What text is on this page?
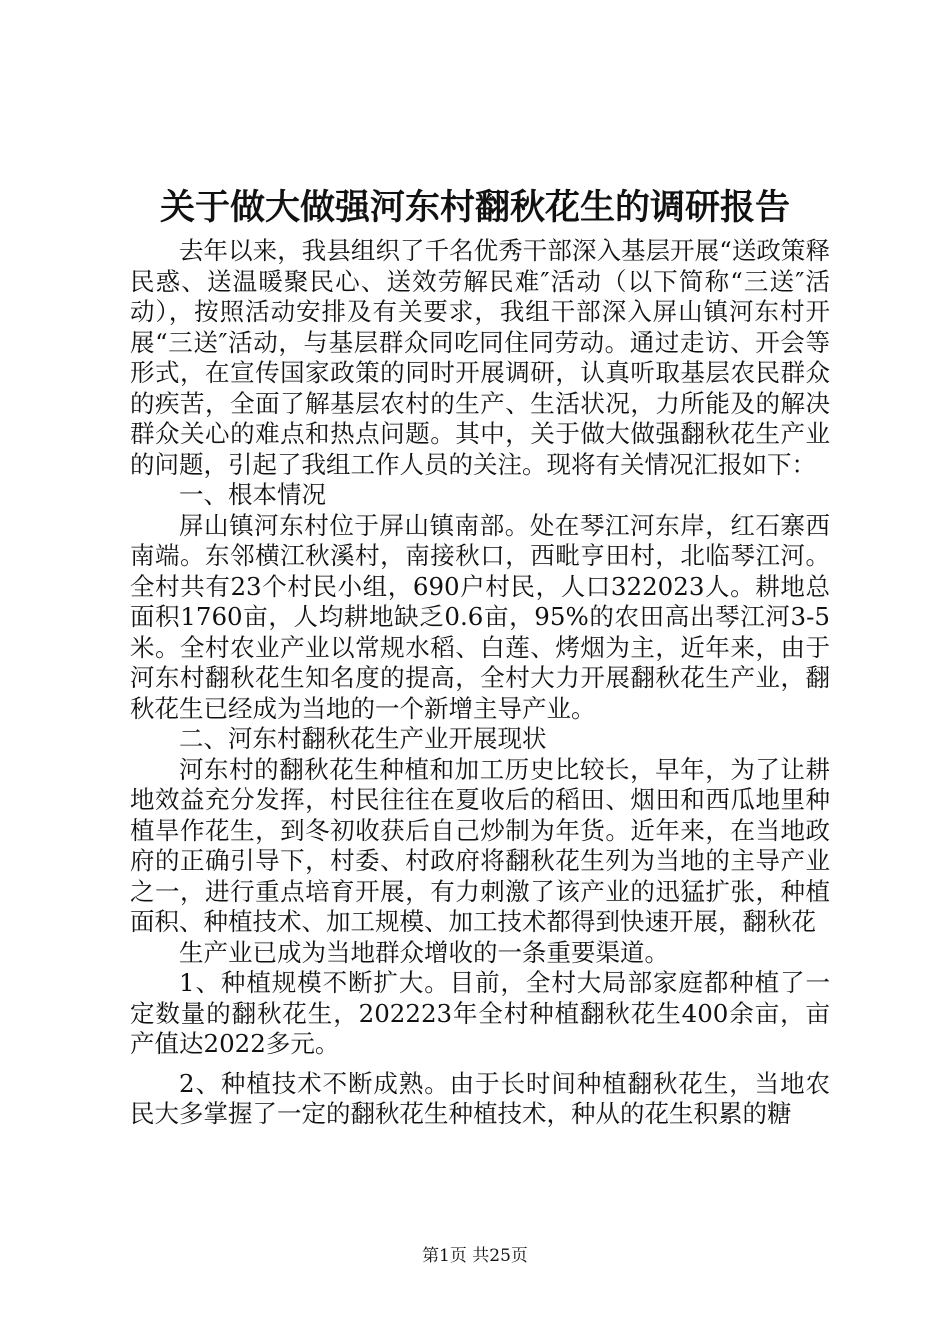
关于做大做强河东村翻秋花生的调研报告

去年以来，我县组织了千名优秀干部深入基层开展“送政策释民惑、送温暖聚民心、送效劳解民难″活动（以下简称“三送″活动），按照活动安排及有关要求，我组干部深入屏山镇河东村开展“三送″活动，与基层群众同吃同住同劳动。通过走访、开会等形式，在宣传国家政策的同时开展调研，认真听取基层农民群众的疾苦，全面了解基层农村的生产、生活状况，力所能及的解决群众关心的难点和热点问题。其中，关于做大做强翻秋花生产业的问题，引起了我组工作人员的关注。现将有关情况汇报如下：

一、根本情况

屏山镇河东村位于屏山镇南部。处在琴江河东岸，红石寨西南端。东邻横江秋溪村，南接秋口，西毗亨田村，北临琴江河。全村共有23个村民小组，690户村民，人口322023人。耕地总面积1760亩，人均耕地缺乏0.6亩，95%的农田高出琴江河3-5米。全村农业产业以常规水稻、白莲、烤烟为主，近年来，由于河东村翻秋花生知名度的提高，全村大力开展翻秋花生产业，翻秋花生已经成为当地的一个新增主导产业。

二、河东村翻秋花生产业开展现状

河东村的翻秋花生种植和加工历史比较长，早年，为了让耕地效益充分发挥，村民往往在夏收后的稻田、烟田和西瓜地里种植旱作花生，到冬初收获后自己炒制为年货。近年来，在当地政府的正确引导下，村委、村政府将翻秋花生列为当地的主导产业之一，进行重点培育开展，有力刺激了该产业的迅猛扩张，种植面积、种植技术、加工规模、加工技术都得到快速开展，翻秋花

生产业已成为当地群众增收的一条重要渠道。

1、种植规模不断扩大。目前，全村大局部家庭都种植了一定数量的翻秋花生，202223年全村种植翻秋花生400余亩，亩产值达2022多元。

2、种植技术不断成熟。由于长时间种植翻秋花生，当地农民大多掌握了一定的翻秋花生种植技术，种从的花生积累的糖

第1页 共25页
